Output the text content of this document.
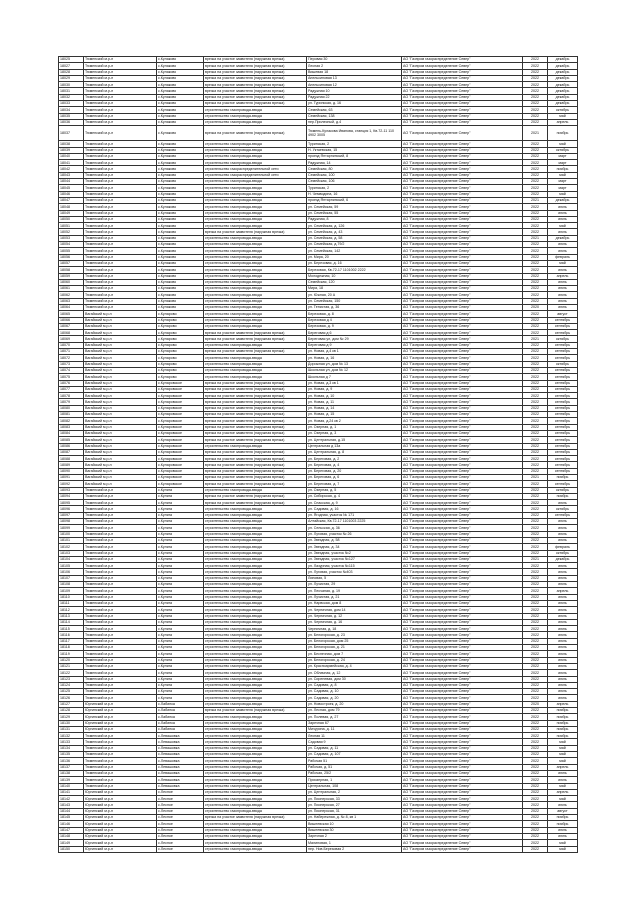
18025	Тюменский м.р-н	с.Кулаково	врезка на участке заявителя (наружная врезка)	Перовая 30	АО "Газпром газораспределение Север"	2022	декабрь
18027	Тюменский м.р-н	с.Кулаково	врезка на участке заявителя (наружная врезка)	Лесная 2	АО "Газпром газораспределение Север"	2022	декабрь
18028	Тюменский м.р-н	с.Кулаково	врезка на участке заявителя (наружная врезка)	Вишевая 18	АО "Газпром газораспределение Север"	2022	декабрь
18029	Тюменский м.р-н	с.Кулаково	врезка на участке заявителя (наружная врезка)	Апельсиновая 13	АО "Газпром газораспределение Север"	2022	декабрь
18030	Тюменский м.р-н	с.Кулаково	врезка на участке заявителя (наружная врезка)	Апельсиновая 12	АО "Газпром газораспределение Север"	2022	декабрь
18031	Тюменский м.р-н	с.Кулаково	врезка на участке заявителя (наружная врезка)	Радужная 10	АО "Газпром газораспределение Север"	2022	декабрь
18032	Тюменский м.р-н	с.Кулаково	врезка на участке заявителя (наружная врезка)	Радужная 22	АО "Газпром газораспределение Север"	2022	декабрь
18033	Тюменский м.р-н	с.Кулаково	врезка на участке заявителя (наружная врезка)	ул. Туринская, д. 16	АО "Газпром газораспределение Север"	2022	декабрь
18034	Тюменский м.р-н	с.Кулаково	строительство газопровода-ввода	Семейская, 63	АО "Газпром газораспределение Север"	2022	октябрь
18035	Тюменский м.р-н	с.Кулаково	строительство газопровода-ввода	Семейская, 138	АО "Газпром газораспределение Север"	2022	май
18036	Тюменский м.р-н	с.Кулаково	строительство газопровода-ввода	пер.Прилесный, д.4	АО "Газпром газораспределение Север"	2022	апрель
18037	Тюменский м.р-н	с.Кулаково	врезка на участке заявителя (наружная врезка)	Тюмень-Кулакова Иванова, станция 1, Кв.72-11 110 4902 3005	АО "Газпром газораспределение Север"	2021	ноябрь
18038	Тюменский м.р-н	с.Кулаково	строительство газопровода-ввода	Туринская, 2	АО "Газпром газораспределение Север"	2022	май
18039	Тюменский м.р-н	с.Кулаково	строительство газопровода-ввода	Н. Уктаевская, 15	АО "Газпром газораспределение Север"	2022	октябрь
18040	Тюменский м.р-н	с.Кулаково	строительство газопровода-ввода	проезд Янтарнинский, 8	АО "Газпром газораспределение Север"	2022	март
18041	Тюменский м.р-н	с.Кулаково	строительство газопровода-ввода	Радужная, 14	АО "Газпром газораспределение Север"	2022	март
18042	Тюменский м.р-н	с.Кулаково	строительство газораспределительной сети	Семейская, 80	АО "Газпром газораспределение Север"	2022	ноябрь
18043	Тюменский м.р-н	с.Кулаково	строительство газораспределительной сети	Семейская, 100	АО "Газпром газораспределение Север"	2022	май
18044	Тюменский м.р-н	с.Кулаково	строительство газопровода-ввода	Семейская, 106	АО "Газпром газораспределение Север"	2022	март
18045	Тюменский м.р-н	с.Кулаково	строительство газопровода-ввода	Туринская, 2	АО "Газпром газораспределение Север"	2022	март
18046	Тюменский м.р-н	с.Кулаково	строительство газопровода-ввода	Н. Чемводина, 16	АО "Газпром газораспределение Север"	2022	май
18047	Тюменский м.р-н	с.Кулаково	строительство газопровода-ввода	проезд Янтарнинский, 6	АО "Газпром газораспределение Север"	2021	декабрь
18048	Тюменский м.р-н	с.Кулаково	строительство газопровода-ввода	ул. Семейская, 59	АО "Газпром газораспределение Север"	2022	июль
18049	Тюменский м.р-н	с.Кулаково	строительство газопровода-ввода	ул. Семейская, 55	АО "Газпром газораспределение Север"	2022	июль
18050	Тюменский м.р-н	с.Кулаково	строительство газопровода-ввода	Радужная, 8	АО "Газпром газораспределение Север"	2022	июль
18051	Тюменский м.р-н	с.Кулаково	строительство газопровода-ввода	ул. Семейская, д. 126	АО "Газпром газораспределение Север"	2022	май
18052	Тюменский м.р-н	с.Кулаково	врезка на участке заявителя (наружная врезка)	ул. Семейская, д. 43	АО "Газпром газораспределение Север"	2022	июль
18053	Тюменский м.р-н	с.Кулаково	строительство газопровода-ввода	ул. Семейская, д. 58	АО "Газпром газораспределение Север"	2021	декабрь
18054	Тюменский м.р-н	с.Кулаково	строительство газопровода-ввода	ул. Семейская, д.79/2	АО "Газпром газораспределение Север"	2022	июль
18055	Тюменский м.р-н	с.Кулаково	строительство газопровода-ввода	ул. Семейская, 142	АО "Газпром газораспределение Север"	2022	июль
18056	Тюменский м.р-н	с.Кулаково	строительство газопровода-ввода	ул. Мира, 20	АО "Газпром газораспределение Север"	2022	февраль
18057	Тюменский м.р-н	с.Кулаково	строительство газопровода-ввода	ул. Березовая, д. 16	АО "Газпром газораспределение Север"	2022	май
18058	Тюменский м.р-н	с.Кулаково	строительство газопровода-ввода	Березовая, Кв.72-17 1101002 2222	АО "Газпром газораспределение Север"	2022	июль
18059	Тюменский м.р-н	с.Кулаково	строительство газопровода-ввода	Молодежная, 10	АО "Газпром газораспределение Север"	2022	апрель
18060	Тюменский м.р-н	с.Кулаково	строительство газопровода-ввода	Семейская, 120	АО "Газпром газораспределение Север"	2022	июнь
18061	Тюменский м.р-н	с.Кулаково	строительство газопровода-ввода	Мира, 18	АО "Газпром газораспределение Север"	2022	июль
18062	Тюменский м.р-н	с.Кулаково	строительство газопровода-ввода	ул. Южная, 20 А	АО "Газпром газораспределение Север"	2022	июль
18063	Тюменский м.р-н	с.Кулаково	строительство газопровода-ввода	ул. Семейская, 150	АО "Газпром газораспределение Север"	2022	июль
18064	Тюменский м.р-н	с.Кулаково	строительство газопровода-ввода	ул. Тенистая, д. 36	АО "Газпром газораспределение Север"	2020	июнь
18065	Вагайский м.р-н	с.Куларово	строительство газопровода-ввода	Березовая, д. 8	АО "Газпром газораспределение Север"	2022	август
18066	Вагайский м.р-н	с.Куларово	строительство газопровода-ввода	Березовая д 4	АО "Газпром газораспределение Север"	2022	сентябрь
18067	Вагайский м.р-н	с.Куларово	строительство газопровода-ввода	Березовая, д. 9	АО "Газпром газораспределение Север"	2022	сентябрь
18068	Вагайский м.р-н	с.Куларово	врезка на участке заявителя (наружная врезка)	Береговая д 6	АО "Газпром газораспределение Север"	2022	сентябрь
18069	Вагайский м.р-н	с.Куларово	врезка на участке заявителя (наружная врезка)	Береговая ул, дом № 29	АО "Газпром газораспределение Север"	2021	октябрь
18070	Вагайский м.р-н	с.Куларово	строительство газопровода-ввода	Береговая д 9	АО "Газпром газораспределение Север"	2022	сентябрь
18071	Вагайский м.р-н	с.Куларово	врезка на участке заявителя (наружная врезка)	ул. Новая, д.4 кв 1	АО "Газпром газораспределение Север"	2022	сентябрь
18072	Вагайский м.р-н	с.Куларово	строительство газопровода-ввода	ул. Новая, д. 16	АО "Газпром газораспределение Север"	2022	сентябрь
18073	Вагайский м.р-н	с.Куларово	строительство газопровода-ввода	Дорожная ул, дом № 13	АО "Газпром газораспределение Север"	2022	октябрь
18074	Вагайский м.р-н	с.Куларово	строительство газопровода-ввода	Школьная ул, дом № 12	АО "Газпром газораспределение Север"	2022	сентябрь
18075	Вагайский м.р-н	с.Куларово	строительство газопровода-ввода	Школьная д 7	АО "Газпром газораспределение Север"	2022	сентябрь
18076	Вагайский м.р-н	с.Куларовское	врезка на участке заявителя (наружная врезка)	ул. Новая, д.3 кв 1	АО "Газпром газораспределение Север"	2022	сентябрь
18077	Вагайский м.р-н	с.Куларовское	врезка на участке заявителя (наружная врезка)	ул. Новая, д. 9	АО "Газпром газораспределение Север"	2022	сентябрь
18078	Вагайский м.р-н	с.Куларовское	врезка на участке заявителя (наружная врезка)	ул. Новая, д. 10	АО "Газпром газораспределение Север"	2022	сентябрь
18079	Вагайский м.р-н	с.Куларовское	врезка на участке заявителя (наружная врезка)	ул. Новая, д. 11	АО "Газпром газораспределение Север"	2022	сентябрь
18080	Вагайский м.р-н	с.Куларовское	врезка на участке заявителя (наружная врезка)	ул. Новая, д. 14	АО "Газпром газораспределение Север"	2022	сентябрь
18081	Вагайский м.р-н	с.Куларовское	врезка на участке заявителя (наружная врезка)	ул. Новая, д. 15	АО "Газпром газораспределение Север"	2022	сентябрь
18082	Вагайский м.р-н	с.Куларовское	врезка на участке заявителя (наружная врезка)	ул. Новая, д.24 кв 2	АО "Газпром газораспределение Север"	2022	сентябрь
18083	Вагайский м.р-н	с.Куларовское	врезка на участке заявителя (наружная врезка)	ул. Озерная, д. 1	АО "Газпром газораспределение Север"	2022	сентябрь
18084	Вагайский м.р-н	с.Куларовское	врезка на участке заявителя (наружная врезка)	ул. Озерная, д. 3	АО "Газпром газораспределение Север"	2022	сентябрь
18085	Вагайский м.р-н	с.Куларовское	врезка на участке заявителя (наружная врезка)	ул. Центральная, д.15	АО "Газпром газораспределение Север"	2022	сентябрь
18086	Вагайский м.р-н	с.Куларовское	строительство газопровода-ввода	Центральная д 13а	АО "Газпром газораспределение Север"	2022	сентябрь
18087	Вагайский м.р-н	с.Куларовское	врезка на участке заявителя (наружная врезка)	ул. Центральная, д. 8	АО "Газпром газораспределение Север"	2022	сентябрь
18088	Вагайский м.р-н	с.Куларовское	врезка на участке заявителя (наружная врезка)	ул. Береговая, д. 2	АО "Газпром газораспределение Север"	2022	сентябрь
18089	Вагайский м.р-н	с.Куларовское	врезка на участке заявителя (наружная врезка)	ул. Береговая, д. 4	АО "Газпром газораспределение Север"	2022	сентябрь
18090	Вагайский м.р-н	с.Куларовское	врезка на участке заявителя (наружная врезка)	ул. Береговая, д. 20	АО "Газпром газораспределение Север"	2022	сентябрь
18091	Вагайский м.р-н	с.Куларовское	врезка на участке заявителя (наружная врезка)	ул. Береговая, д. 6	АО "Газпром газораспределение Север"	2021	ноябрь
18092	Вагайский м.р-н	с.Куларовское	врезка на участке заявителя (наружная врезка)	ул. Береговая, д. 7	АО "Газпром газораспределение Север"	2022	сентябрь
18093	Тюменский м.р-н	с.Кулига	строительство газопровода-ввода	ул. Озерная, д. 5	АО "Газпром газораспределение Север"	2022	октябрь
18094	Тюменский м.р-н	с.Кулига	врезка на участке заявителя (наружная врезка)	ул. Сибирская, д. 4	АО "Газпром газораспределение Север"	2022	ноябрь
18095	Тюменский м.р-н	с.Кулига	врезка на участке заявителя (наружная врезка)	ул. Спасская, д. 9	АО "Газпром газораспределение Север"	2022	июль
18096	Тюменский м.р-н	с.Кулига	строительство газопровода-ввода	ул. Садовая, д. 16	АО "Газпром газораспределение Север"	2022	октябрь
18097	Тюменский м.р-н	с.Кулига	строительство газопровода-ввода	ул. Ягодная, участок № 171	АО "Газпром газораспределение Север"	2022	сентябрь
18098	Тюменский м.р-н	с.Кулига	строительство газопровода-ввода	Алтайская, Кв.72-17 1101003 2225	АО "Газпром газораспределение Север"	2022	июль
18099	Тюменский м.р-н	с.Кулига	строительство газопровода-ввода	ул. Сельская, д. 36	АО "Газпром газораспределение Север"	2022	июль
18100	Тюменский м.р-н	с.Кулига	строительство газопровода-ввода	ул. Луговая, участок № 26	АО "Газпром газораспределение Север"	2022	июль
18101	Тюменский м.р-н	с.Кулига	строительство газопровода-ввода	ул. Звездная, д. 58	АО "Газпром газораспределение Север"	2022	июль
18102	Тюменский м.р-н	с.Кулига	строительство газопровода-ввода	ул. Звездная, д. 34	АО "Газпром газораспределение Север"	2022	февраль
18103	Тюменский м.р-н	с.Кулига	строительство газопровода-ввода	ул. Звездная, участок №2	АО "Газпром газораспределение Север"	2022	октябрь
18104	Тюменский м.р-н	с.Кулига	строительство газопровода-ввода	ул. Звездная, участок №127	АО "Газпром газораспределение Север"	2021	декабрь
18105	Тюменский м.р-н	с.Кулига	строительство газопровода-ввода	ул. Лазурная, участок №115	АО "Газпром газораспределение Север"	2022	июль
18106	Тюменский м.р-н	с.Кулига	строительство газопровода-ввода	ул. Луговая, участок №403	АО "Газпром газораспределение Север"	2022	июль
18107	Тюменский м.р-н	с.Кулига	строительство газопровода-ввода	Липовая, 5	АО "Газпром газораспределение Север"	2022	июль
18108	Тюменский м.р-н	с.Кулига	строительство газопровода-ввода	ул. Лучистая, 29	АО "Газпром газораспределение Север"	2022	июль
18109	Тюменский м.р-н	с.Кулига	строительство газопровода-ввода	ул. Песчаная, д. 19	АО "Газпром газораспределение Север"	2022	апрель
18110	Тюменский м.р-н	с.Кулига	строительство газопровода-ввода	ул. Лучистая, д. 21	АО "Газпром газораспределение Север"	2022	июль
18111	Тюменский м.р-н	с.Кулига	строительство газопровода-ввода	ул. Нарвская, дом 8	АО "Газпром газораспределение Север"	2022	июль
18112	Тюменский м.р-н	с.Кулига	строительство газопровода-ввода	ул. Черничная, дом 14	АО "Газпром газораспределение Север"	2022	июль
18113	Тюменский м.р-н	с.Кулига	строительство газопровода-ввода	ул. Черничная, д. 12	АО "Газпром газораспределение Север"	2022	июль
18114	Тюменский м.р-н	с.Кулига	строительство газопровода-ввода	ул. Черничная, д. 16	АО "Газпром газораспределение Север"	2022	июль
18115	Тюменский м.р-н	с.Кулига	строительство газопровода-ввода	Черничная, д. 18	АО "Газпром газораспределение Север"	2022	июнь
18116	Тюменский м.р-н	с.Кулига	строительство газопровода-ввода	ул. Белогорская, д. 23	АО "Газпром газораспределение Север"	2022	июль
18117	Тюменский м.р-н	с.Кулига	строительство газопровода-ввода	ул. Белогорская, дом 25	АО "Газпром газораспределение Север"	2022	июль
18118	Тюменский м.р-н	с.Кулига	строительство газопровода-ввода	ул. Белогорская, д. 21	АО "Газпром газораспределение Север"	2022	июль
18119	Тюменский м.р-н	с.Кулига	строительство газопровода-ввода	ул. Беспечная, дом 7	АО "Газпром газораспределение Север"	2022	июль
18120	Тюменский м.р-н	с.Кулига	строительство газопровода-ввода	ул. Белогорская, д. 24	АО "Газпром газораспределение Север"	2022	июль
18121	Тюменский м.р-н	с.Кулига	строительство газопровода-ввода	ул. Красноармейская, д. 4	АО "Газпром газораспределение Север"	2022	июль
18122	Тюменский м.р-н	с.Кулига	строительство газопровода-ввода	ул. Облачная, д. 12	АО "Газпром газораспределение Север"	2022	июль
18123	Тюменский м.р-н	с.Кулига	строительство газопровода-ввода	ул. Сиреневая, дом 30	АО "Газпром газораспределение Север"	2022	июль
18124	Тюменский м.р-н	с.Кулига	строительство газопровода-ввода	ул. Садовая, д. 8	АО "Газпром газораспределение Север"	2022	июль
18125	Тюменский м.р-н	с.Кулига	строительство газопровода-ввода	ул. Садовая, д. 10	АО "Газпром газораспределение Север"	2022	июль
18126	Тюменский м.р-н	с.Кулига	строительство газопровода-ввода	ул. Садовая, д. 20	АО "Газпром газораспределение Север"	2022	июнь
18127	Юргинский м.р-н	с.Лабинка	строительство газопровода-ввода	ул. Новостроек, д. 20	АО "Газпром газораспределение Север"	2020	апрель
18128	Юргинский м.р-н	с.Лабинка	врезка на участке заявителя (наружная врезка)	ул. Лесная, дом 79	АО "Газпром газораспределение Север"	2022	ноябрь
18129	Юргинский м.р-н	с.Лабинка	строительство газопровода-ввода	ул. Полевая, д. 27	АО "Газпром газораспределение Север"	2022	ноябрь
18130	Юргинский м.р-н	с.Лабинка	строительство газопровода-ввода	Заречная 67	АО "Газпром газораспределение Север"	2022	ноябрь
18131	Юргинский м.р-н	с.Лабинка	строительство газопровода-ввода	Мичурина, д. 11	АО "Газпром газораспределение Север"	2022	ноябрь
18132	Тюменский м.р-н	с.Левашовка	строительство газопровода-ввода	Лесная 11	АО "Газпром газораспределение Север"	2022	ноябрь
18133	Тюменский м.р-н	с.Левашовка	строительство газопровода-ввода	Садовая 9	АО "Газпром газораспределение Север"	2022	май
18134	Тюменский м.р-н	с.Левашовка	строительство газопровода-ввода	ул. Садовая, д. 11	АО "Газпром газораспределение Север"	2022	май
18135	Тюменский м.р-н	с.Левашовка	строительство газопровода-ввода	ул. Садовая, д. 107	АО "Газпром газораспределение Север"	2022	май
18136	Тюменский м.р-н	с.Левашовка	строительство газопровода-ввода	Рабочая 51	АО "Газпром газораспределение Север"	2022	май
18137	Тюменский м.р-н	с.Левашовка	строительство газопровода-ввода	Рабочая, д. 51	АО "Газпром газораспределение Север"	2022	апрель
18138	Тюменский м.р-н	с.Левашовка	строительство газопровода-ввода	Рабочая, 25/2	АО "Газпром газораспределение Север"	2022	июнь
18139	Тюменский м.р-н	с.Левашовка	строительство газопровода-ввода	Приозерная, 1	АО "Газпром газораспределение Север"	2022	июль
18140	Тюменский м.р-н	с.Левашовка	строительство газопровода-ввода	Центральная, 108	АО "Газпром газораспределение Север"	2022	май
18141	Юргинский м.р-н	с.Лесное	строительство газопровода-ввода	ул. Центральная, 2	АО "Газпром газораспределение Север"	2022	апрель
18142	Юргинский м.р-н	с.Лесное	строительство газопровода-ввода	ул. Пионерская, 33	АО "Газпром газораспределение Север"	2022	май
18143	Юргинский м.р-н	с.Лесное	строительство газопровода-ввода	ул. Пионерская, 27	АО "Газпром газораспределение Север"	2022	июль
18144	Юргинский м.р-н	с.Лесное	строительство газопровода-ввода	ул. Пионерская, 31	АО "Газпром газораспределение Север"	2022	август
18145	Юргинский м.р-н	с.Лесное	врезка на участке заявителя (наружная врезка)	ул. Набережная, д. № 8, кв 1	АО "Газпром газораспределение Север"	2022	ноябрь
18146	Юргинский м.р-н	с.Лесное	строительство газопровода-ввода	Вишневская 10	АО "Газпром газораспределение Север"	2022	ноябрь
18147	Юргинский м.р-н	с.Лесное	строительство газопровода-ввода	Вишневская 30	АО "Газпром газораспределение Север"	2022	июль
18148	Юргинский м.р-н	с.Лесное	строительство газопровода-ввода	Заречная 2	АО "Газпром газораспределение Север"	2022	июнь
18149	Юргинский м.р-н	с.Лесное	строительство газопровода-ввода	Малиновая, 1	АО "Газпром газораспределение Север"	2022	май
18150	Юргинский м.р-н	с.Лесное	строительство газопровода-ввода	пер. Нов.Березовая 2	АО "Газпром газораспределение Север"	2022	май
